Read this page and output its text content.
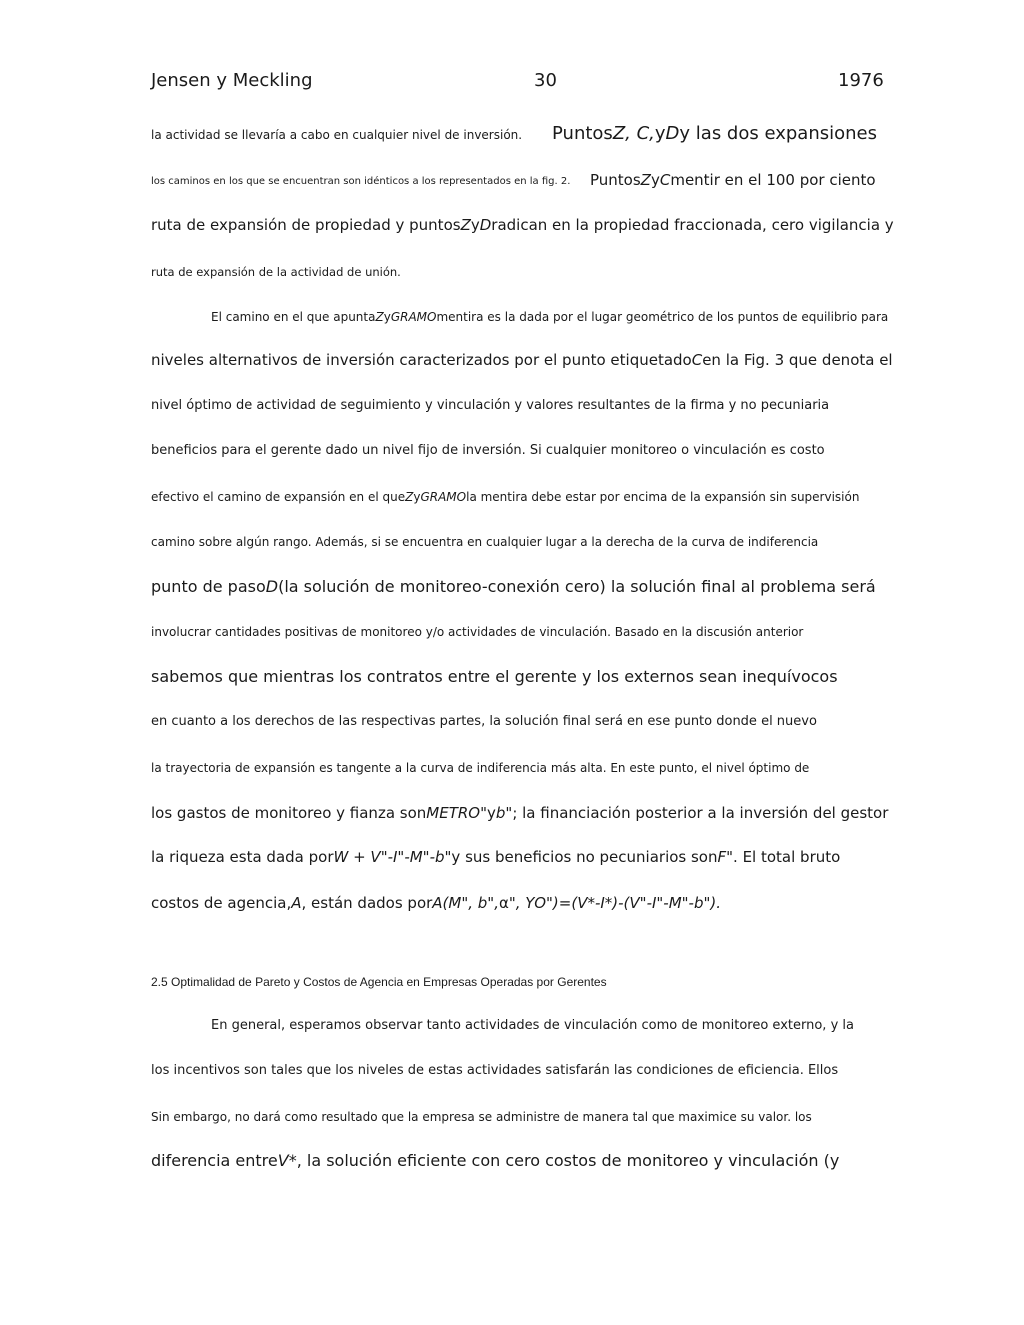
Jensen y Meckling	30	1976
la actividad se llevaría a cabo en cualquier nivel de inversión. PuntosZ, C,yDy las dos expansiones
los caminos en los que se encuentran son idénticos a los representados en la fig. 2. PuntosZyCmentir en el 100 por ciento
ruta de expansión de propiedad y puntosZyDradican en la propiedad fraccionada, cero vigilancia y
ruta de expansión de la actividad de unión.
El camino en el que apuntaZyGRAMOmentira es la dada por el lugar geométrico de los puntos de equilibrio para
niveles alternativos de inversión caracterizados por el punto etiquetadoCen la Fig. 3 que denota el
nivel óptimo de actividad de seguimiento y vinculación y valores resultantes de la firma y no pecuniaria
beneficios para el gerente dado un nivel fijo de inversión. Si cualquier monitoreo o vinculación es costo
efectivo el camino de expansión en el queZyGRAMOla mentira debe estar por encima de la expansión sin supervisión
camino sobre algún rango. Además, si se encuentra en cualquier lugar a la derecha de la curva de indiferencia
punto de pasoD(la solución de monitoreo-conexión cero) la solución final al problema será
involucrar cantidades positivas de monitoreo y/o actividades de vinculación. Basado en la discusión anterior
sabemos que mientras los contratos entre el gerente y los externos sean inequívocos
en cuanto a los derechos de las respectivas partes, la solución final será en ese punto donde el nuevo
la trayectoria de expansión es tangente a la curva de indiferencia más alta. En este punto, el nivel óptimo de
los gastos de monitoreo y fianza sonMETRO"yb"; la financiación posterior a la inversión del gestor
la riqueza esta dada porW + V"-I"-M"-b"y sus beneficios no pecuniarios sonF". El total bruto
costos de agencia,A, están dados porA(M", b",α", YO")=(V*-I*)-(V"-I"-M"-b").
2.5 Optimalidad de Pareto y Costos de Agencia en Empresas Operadas por Gerentes
En general, esperamos observar tanto actividades de vinculación como de monitoreo externo, y la
los incentivos son tales que los niveles de estas actividades satisfarán las condiciones de eficiencia. Ellos
Sin embargo, no dará como resultado que la empresa se administre de manera tal que maximice su valor. los
diferencia entreV*, la solución eficiente con cero costos de monitoreo y vinculación (y
